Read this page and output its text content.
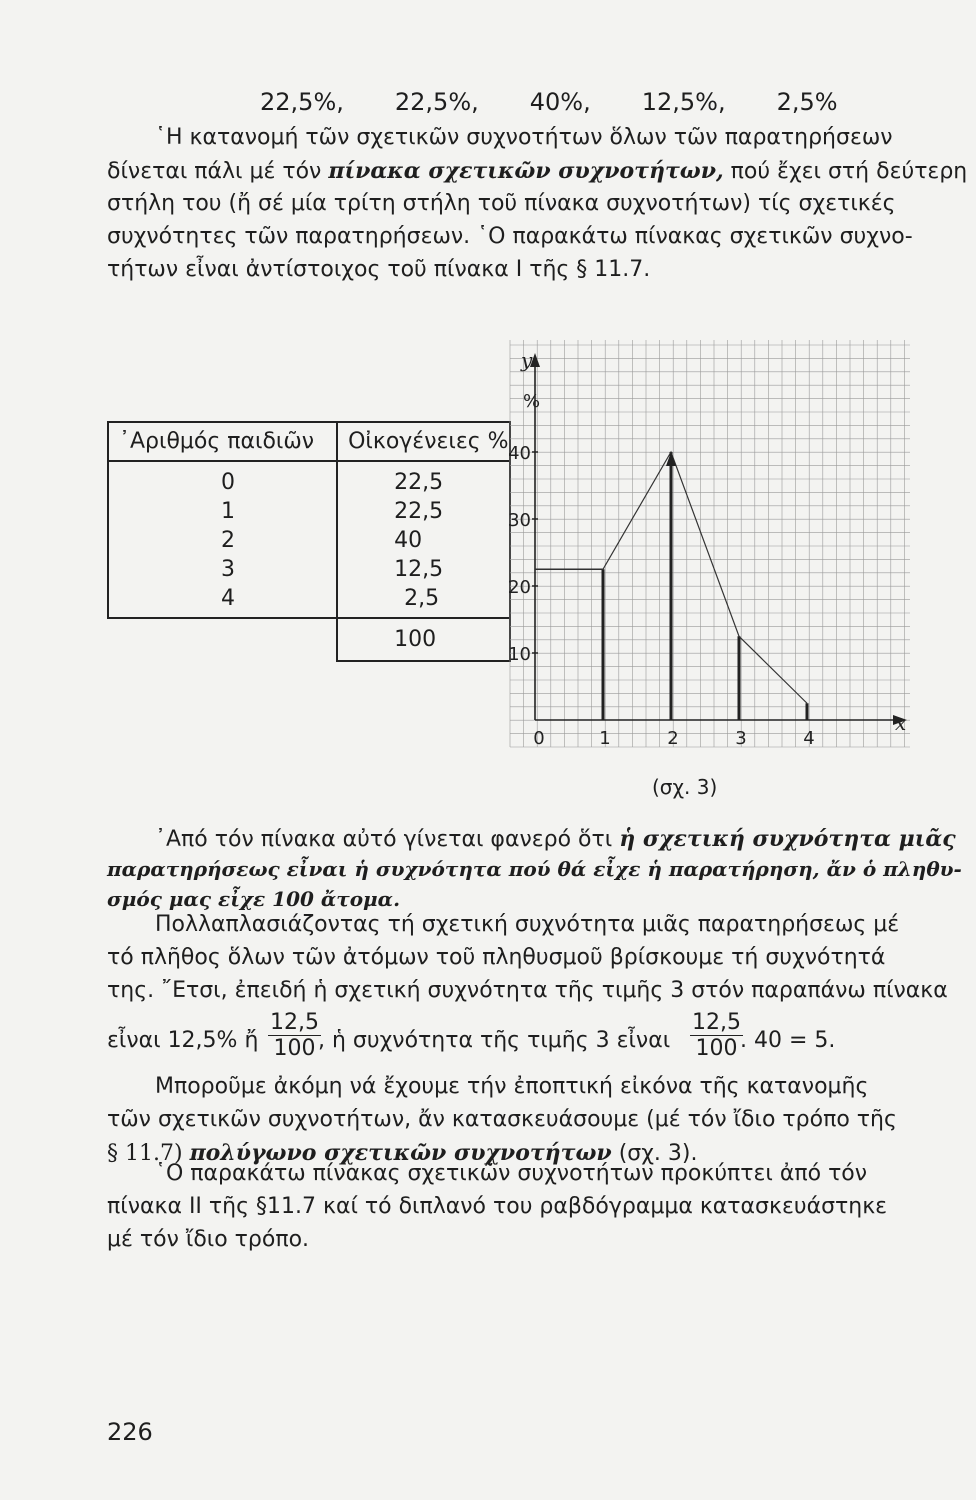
22,5%, 22,5%, 40%, 12,5%, 2,5%
῾Η κατανομή τῶν σχετικῶν συχνοτήτων ὅλων τῶν παρατηρήσεων
δίνεται πάλι μέ τόν πίνακα σχετικῶν συχνοτήτων, πού ἔχει στή δεύτερη
στήλη του (ἤ σέ μία τρίτη στήλη τοῦ πίνακα συχνοτήτων) τίς σχετικές
συχνότητες τῶν παρατηρήσεων. ῾Ο παρακάτω πίνακας σχετικῶν συχνο-
τήτων εἶναι ἀντίστοιχος τοῦ πίνακα I τῆς § 11.7.
᾿Αριθμός παιδιῶν	Οἰκογένειες %
0	22,5
1	22,5
2	40
3	12,5
4	2,5
	100
10
20
30
40
0	1	2	3	4
y
%
x
(σχ. 3)
᾿Από τόν πίνακα αὐτό γίνεται φανερό ὅτι ἡ σχετική συχνότητα μιᾶς
παρατηρήσεως εἶναι ἡ συχνότητα πού θά εἶχε ἡ παρατήρηση, ἄν ὁ πληθυ-
σμός μας εἶχε 100 ἄτομα.
Πολλαπλασιάζοντας τή σχετική συχνότητα μιᾶς παρατηρήσεως μέ
τό πλῆθος ὅλων τῶν ἀτόμων τοῦ πληθυσμοῦ βρίσκουμε τή συχνότητά
της. ῎Ετσι, ἐπειδή ἡ σχετική συχνότητα τῆς τιμῆς 3 στόν παραπάνω πίνακα
εἶναι 12,5% ἤ $\frac{12,5}{100}$
, ἡ συχνότητα τῆς τιμῆς 3 εἶναι $\frac{12,5}{100}$
. 40 = 5.
Μποροῦμε ἀκόμη νά ἔχουμε τήν ἐποπτική εἰκόνα τῆς κατανομῆς
τῶν σχετικῶν συχνοτήτων, ἄν κατασκευάσουμε (μέ τόν ἴδιο τρόπο τῆς
§ 11.7) πολύγωνο σχετικῶν συχνοτήτων (σχ. 3).
῾Ο παρακάτω πίνακας σχετικῶν συχνοτήτων προκύπτει ἀπό τόν
πίνακα II τῆς §11.7 καί τό διπλανό του ραβδόγραμμα κατασκευάστηκε
μέ τόν ἴδιο τρόπο.
226
